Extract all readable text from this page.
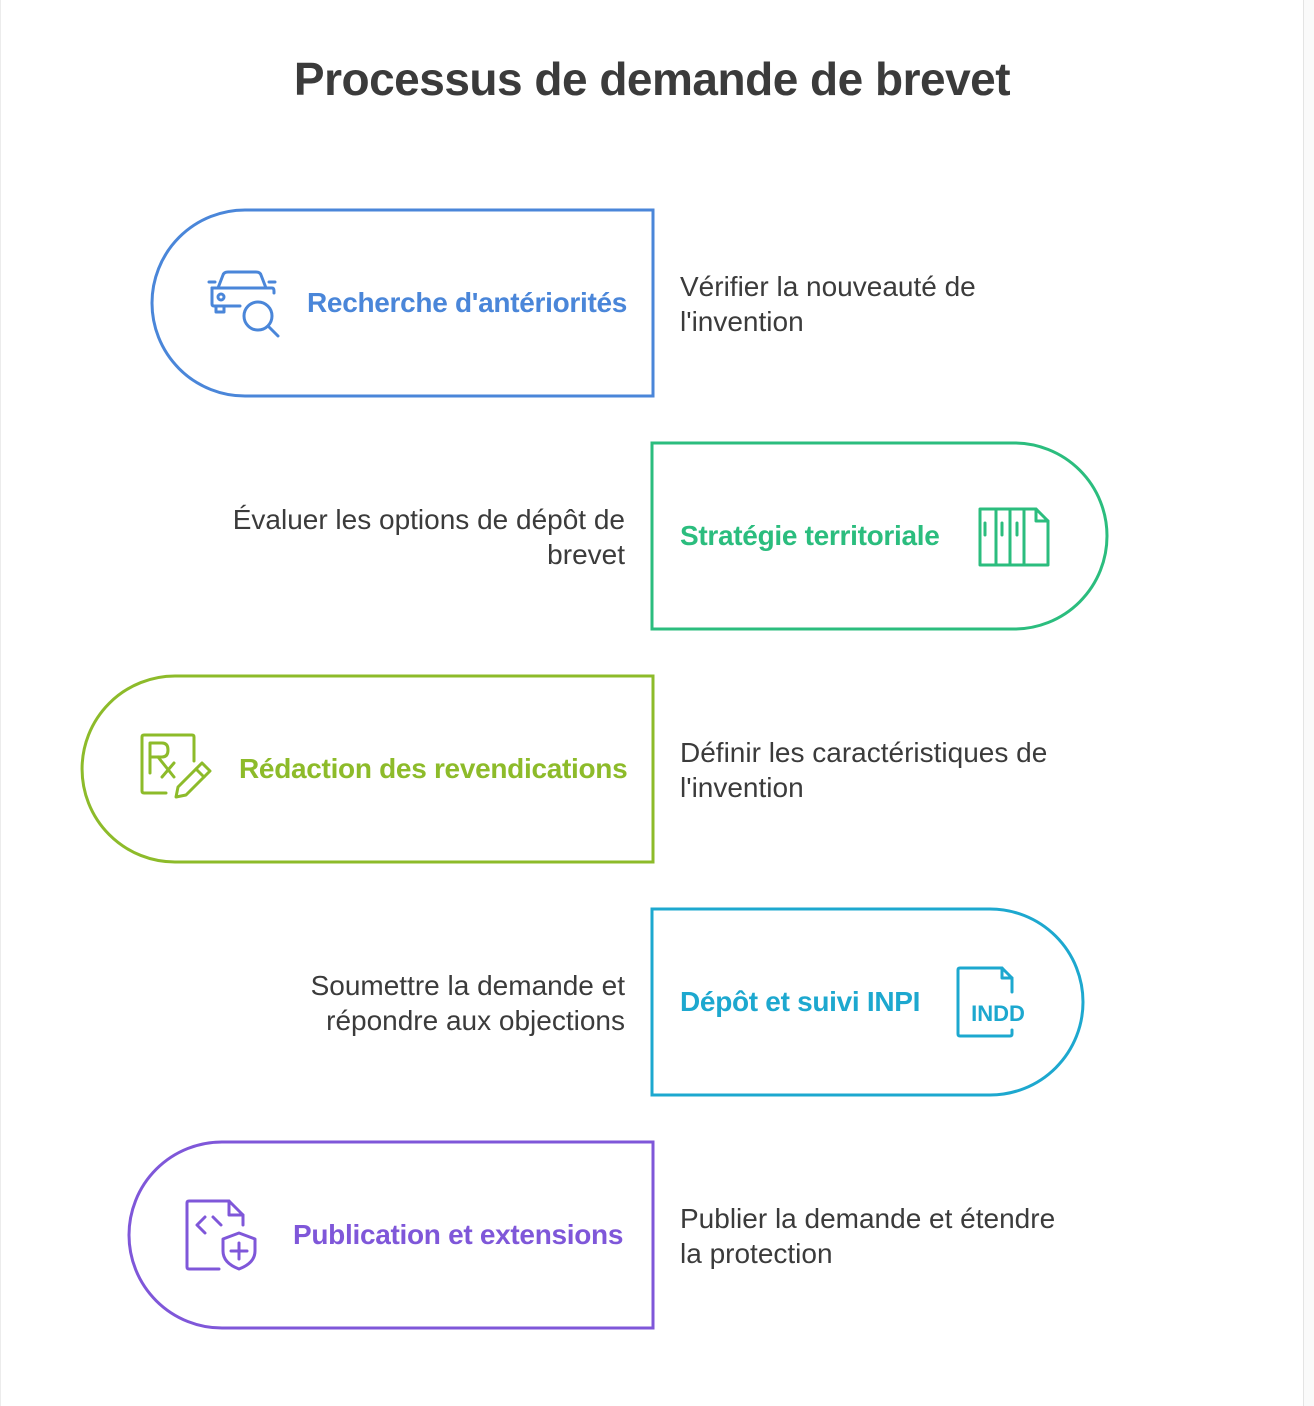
Processus de demande de brevet
Recherche d'antériorités
Vérifier la nouveauté de l'invention
Stratégie territoriale
Évaluer les options de dépôt de brevet
Rédaction des revendications
Définir les caractéristiques de l'invention
INDD
Dépôt et suivi INPI
Soumettre la demande et répondre aux objections
Publication et extensions
Publier la demande et étendre la protection
